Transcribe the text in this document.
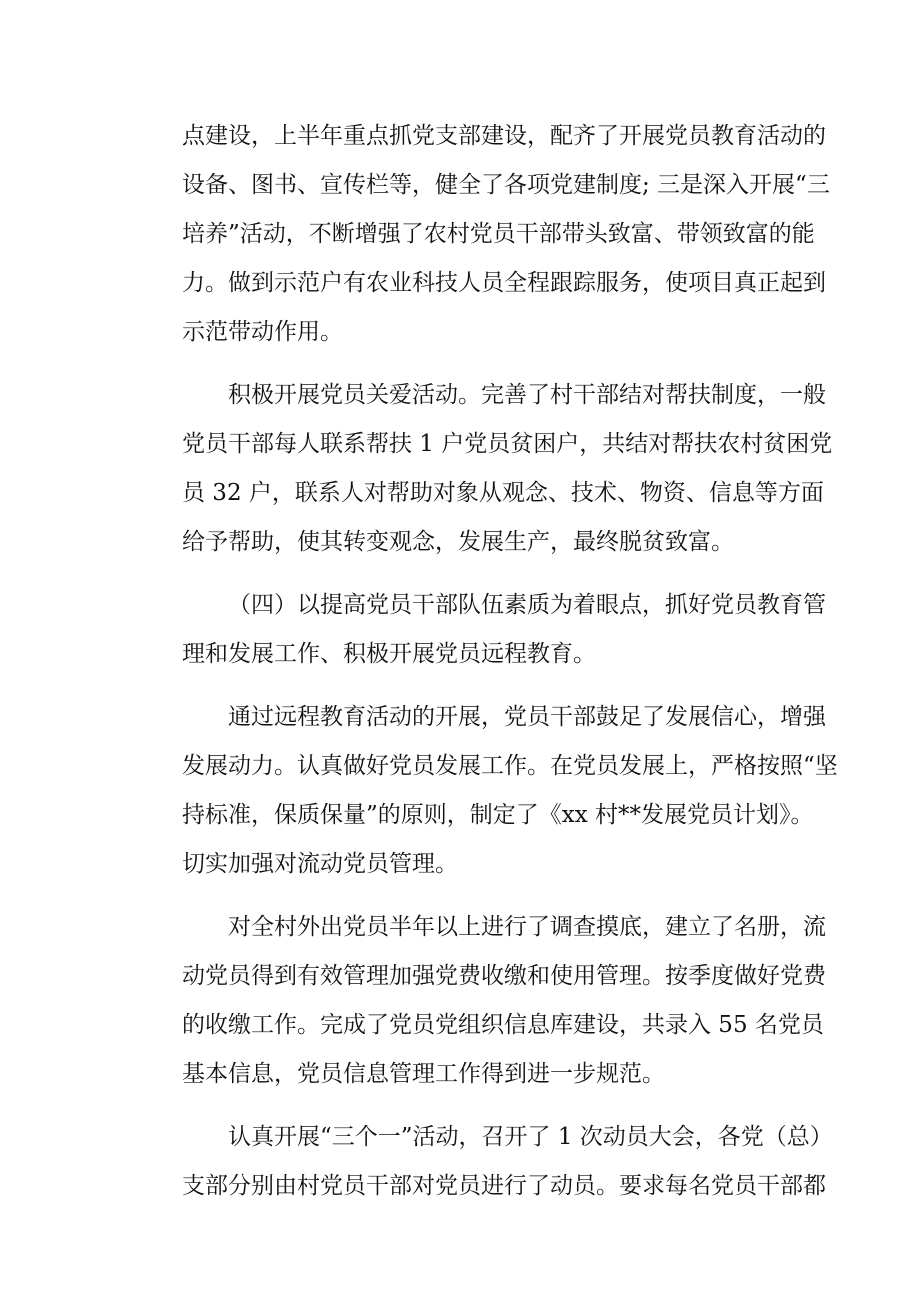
点建设，上半年重点抓党支部建设，配齐了开展党员教育活动的
设备、图书、宣传栏等，健全了各项党建制度; 三是深入开展“三
培养”活动，不断增强了农村党员干部带头致富、带领致富的能
力。做到示范户有农业科技人员全程跟踪服务，使项目真正起到
示范带动作用。

积极开展党员关爱活动。完善了村干部结对帮扶制度，一般
党员干部每人联系帮扶 1 户党员贫困户，共结对帮扶农村贫困党
员 32 户，联系人对帮助对象从观念、技术、物资、信息等方面
给予帮助，使其转变观念，发展生产，最终脱贫致富。

（四）以提高党员干部队伍素质为着眼点，抓好党员教育管
理和发展工作、积极开展党员远程教育。

通过远程教育活动的开展，党员干部鼓足了发展信心，增强
发展动力。认真做好党员发展工作。在党员发展上，严格按照“坚
持标准，保质保量”的原则，制定了《xx 村**发展党员计划》。
切实加强对流动党员管理。

对全村外出党员半年以上进行了调查摸底，建立了名册，流
动党员得到有效管理加强党费收缴和使用管理。按季度做好党费
的收缴工作。完成了党员党组织信息库建设，共录入 55 名党员
基本信息，党员信息管理工作得到进一步规范。

认真开展“三个一”活动，召开了 1 次动员大会，各党（总）
支部分别由村党员干部对党员进行了动员。要求每名党员干部都
